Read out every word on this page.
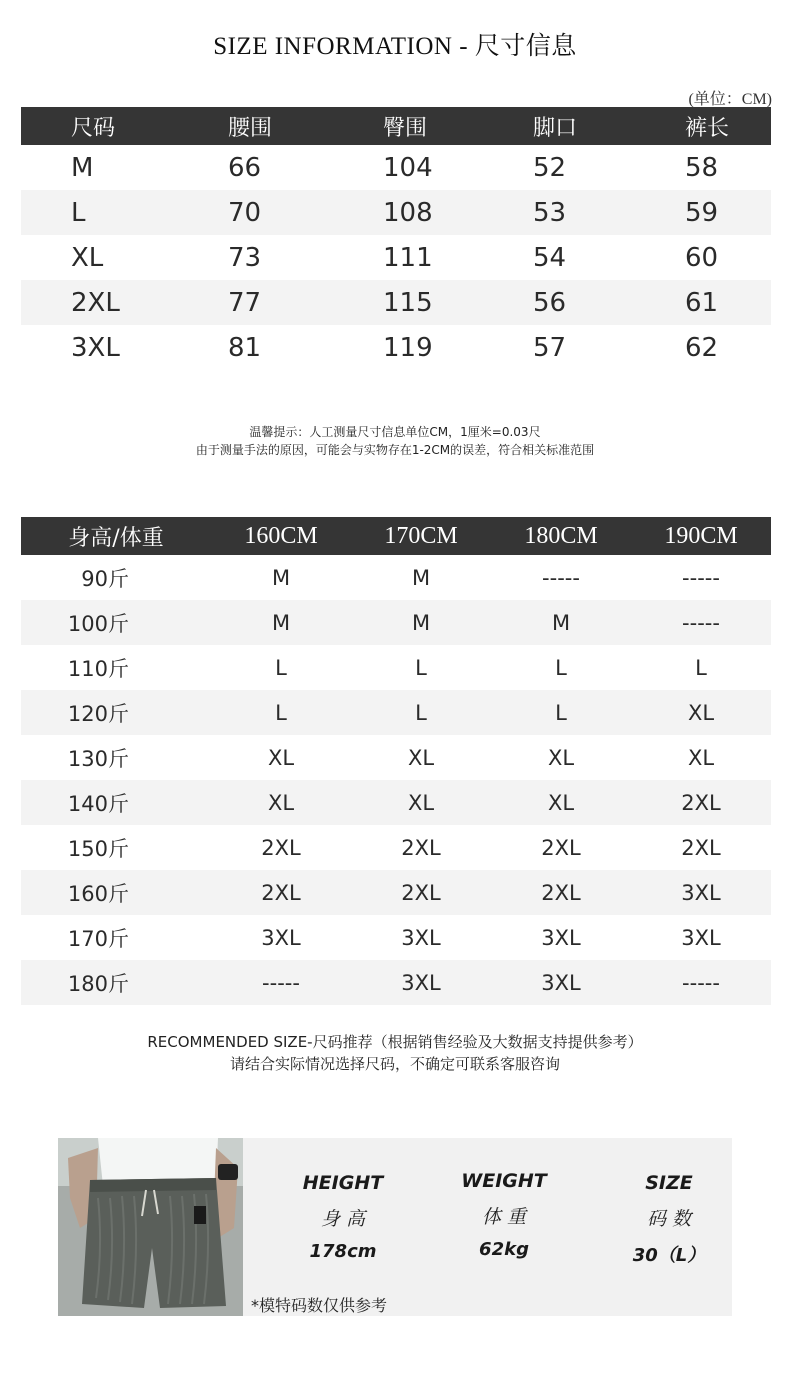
SIZE INFORMATION - 尺寸信息
(单位：CM)
尺码	腰围	臀围	脚口	裤长
M	66	104	52	58
L	70	108	53	59
XL	73	111	54	60
2XL	77	115	56	61
3XL	81	119	57	62
温馨提示：人工测量尺寸信息单位CM，1厘米=0.03尺
由于测量手法的原因，可能会与实物存在1-2CM的误差，符合相关标准范围
身高/体重	160CM	170CM	180CM	190CM
90斤	M	M	-----	-----
100斤	M	M	M	-----
110斤	L	L	L	L
120斤	L	L	L	XL
130斤	XL	XL	XL	XL
140斤	XL	XL	XL	2XL
150斤	2XL	2XL	2XL	2XL
160斤	2XL	2XL	2XL	3XL
170斤	3XL	3XL	3XL	3XL
180斤	-----	3XL	3XL	-----
RECOMMENDED SIZE-尺码推荐（根据销售经验及大数据支持提供参考）
请结合实际情况选择尺码，不确定可联系客服咨询
HEIGHT
身 高
178cm
WEIGHT
体 重
62kg
SIZE
码 数
30（L）
*模特码数仅供参考
